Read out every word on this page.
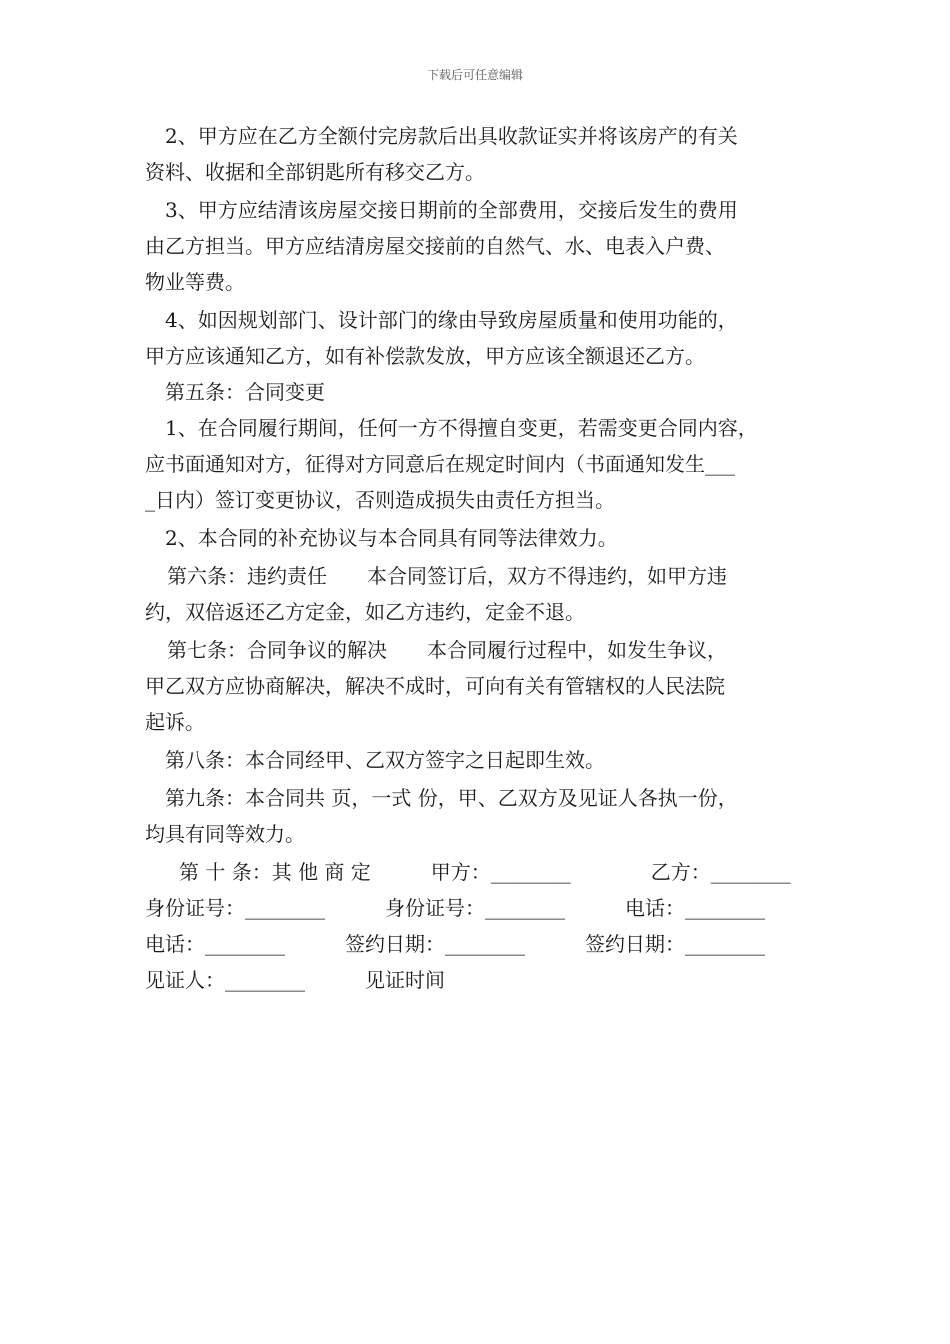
下载后可任意编辑

2、甲方应在乙方全额付完房款后出具收款证实并将该房产的有关

资料、收据和全部钥匙所有移交乙方。

3、甲方应结清该房屋交接日期前的全部费用，交接后发生的费用

由乙方担当。甲方应结清房屋交接前的自然气、水、电表入户费、

物业等费。

4、如因规划部门、设计部门的缘由导致房屋质量和使用功能的，

甲方应该通知乙方，如有补偿款发放，甲方应该全额退还乙方。

第五条：合同变更

1、在合同履行期间，任何一方不得擅自变更，若需变更合同内容，

应书面通知对方，征得对方同意后在规定时间内（书面通知发生___

_日内）签订变更协议，否则造成损失由责任方担当。

2、本合同的补充协议与本合同具有同等法律效力。

第六条：违约责任　　本合同签订后，双方不得违约，如甲方违

约，双倍返还乙方定金，如乙方违约，定金不退。

第七条：合同争议的解决　　本合同履行过程中，如发生争议，

甲乙双方应协商解决，解决不成时，可向有关有管辖权的人民法院

起诉。

第八条：本合同经甲、乙双方签字之日起即生效。

第九条：本合同共 页，一式 份，甲、乙双方及见证人各执一份，

均具有同等效力。

第 十 条：其 他 商 定　　　甲方：________　　　　乙方：________

身份证号：________　　　身份证号：________　　　电话：________

电话：________　　　签约日期：________　　　签约日期：________

见证人：________　　　见证时间
